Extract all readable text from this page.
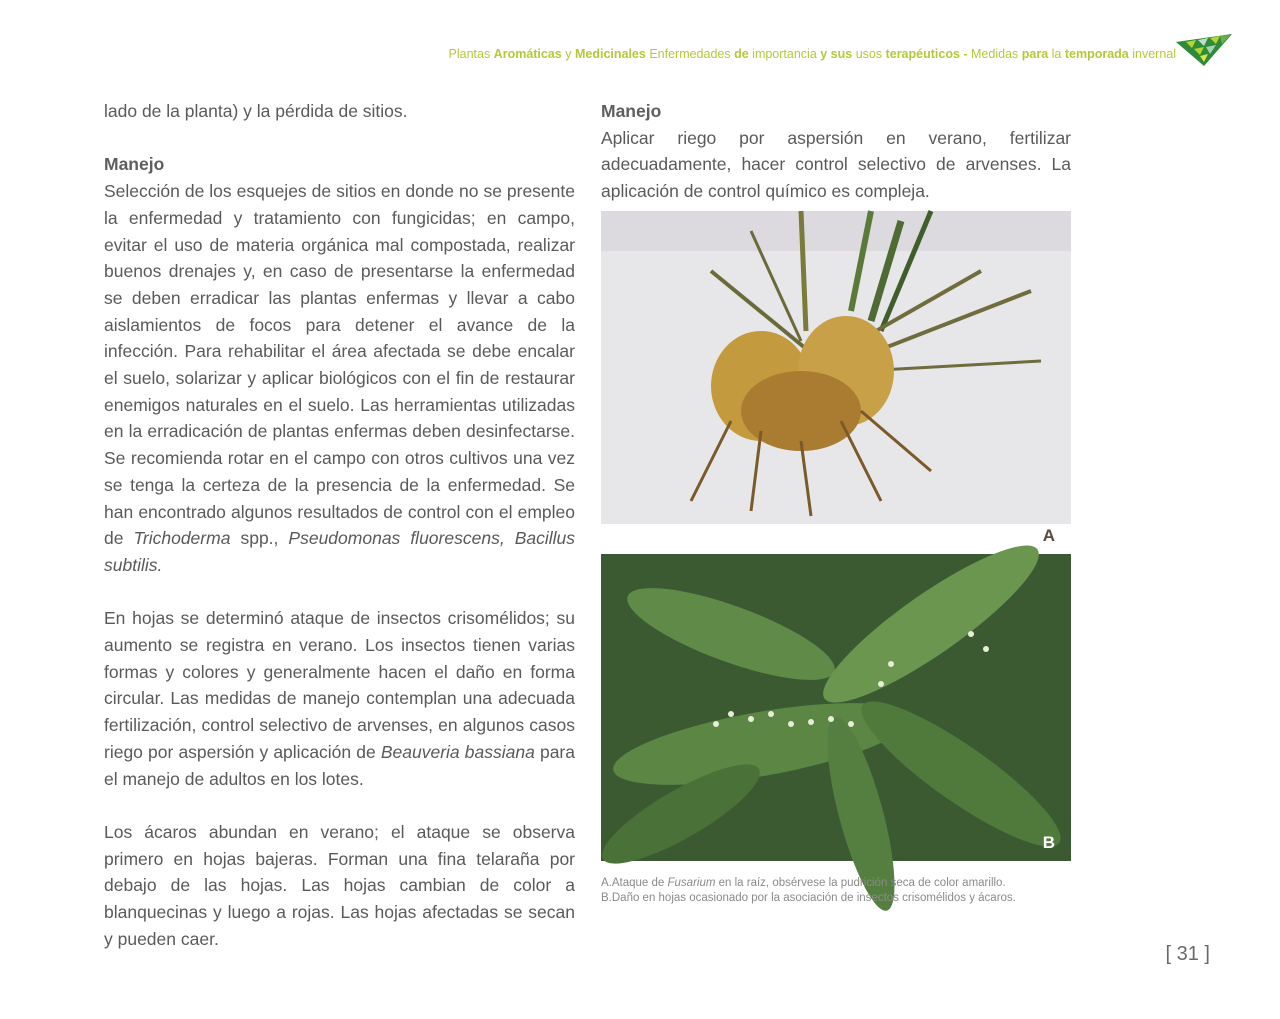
Plantas Aromáticas y Medicinales Enfermedades de importancia y sus usos terapéuticos - Medidas para la temporada invernal

lado de la planta) y la pérdida de sitios.

Manejo

Selección de los esquejes de sitios en donde no se presente la enfermedad y tratamiento con fungicidas; en campo, evitar el uso de materia orgánica mal compostada, realizar buenos drenajes y, en caso de presentarse la enfermedad se deben erradicar las plantas enfermas y llevar a cabo aislamientos de focos para detener el avance de la infección. Para rehabilitar el área afectada se debe encalar el suelo, solarizar y aplicar biológicos con el fin de restaurar enemigos naturales en el suelo. Las herramientas utilizadas en la erradicación de plantas enfermas deben desinfectarse. Se recomienda rotar en el campo con otros cultivos una vez se tenga la certeza de la presencia de la enfermedad. Se han encontrado algunos resultados de control con el empleo de Trichoderma spp., Pseudomonas fluorescens, Bacillus subtilis.

En hojas se determinó ataque de insectos crisomélidos; su aumento se registra en verano. Los insectos tienen varias formas y colores y generalmente hacen el daño en forma circular. Las medidas de manejo contemplan una adecuada fertilización, control selectivo de arvenses, en algunos casos riego por aspersión y aplicación de Beauveria bassiana para el manejo de adultos en los lotes.

Los ácaros abundan en verano; el ataque se observa primero en hojas bajeras. Forman una fina telaraña por debajo de las hojas. Las hojas cambian de color a blanquecinas y luego a rojas. Las hojas afectadas se secan y pueden caer.

Manejo

Aplicar riego por aspersión en verano, fertilizar adecuadamente, hacer control selectivo de arvenses. La aplicación de control químico es compleja.

A
B
A.Ataque de Fusarium en la raíz, obsérvese la pudrición seca de color amarillo.
B.Daño en hojas ocasionado por la asociación de insectos crisomélidos y ácaros.
[ 31 ]
